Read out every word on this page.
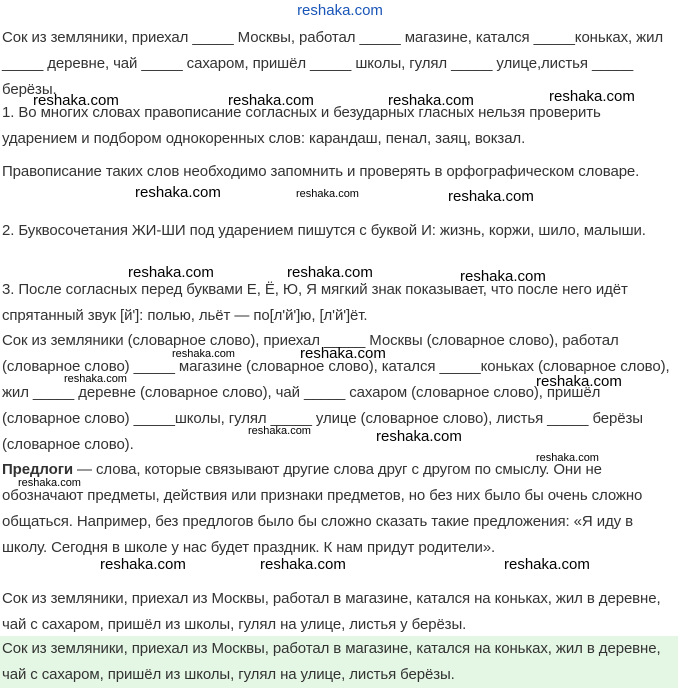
reshaka.com
Сок из земляники, приехал _____ Москвы, работал _____ магазине, катался _____коньках, жил _____ деревне, чай _____ сахаром, пришёл _____ школы, гулял _____ улице,листья _____ берёзы.
1. Во многих словах правописание согласных и безударных гласных нельзя проверить ударением и подбором однокоренных слов: карандаш, пенал, заяц, вокзал.
Правописание таких слов необходимо запомнить и проверять в орфографическом словаре.
2. Буквосочетания ЖИ-ШИ под ударением пишутся с буквой И: жизнь, коржи, шило, малыши.
3. После согласных перед буквами Е, Ё, Ю, Я мягкий знак показывает, что после него идёт спрятанный звук [й']: полью, льёт — по[л'й']ю, [л'й']ёт.
Сок из земляники (словарное слово), приехал _____ Москвы (словарное слово), работал (словарное слово) _____ магазине (словарное слово), катался _____коньках (словарное слово), жил _____ деревне (словарное слово), чай _____ сахаром (словарное слово), пришёл (словарное слово) _____школы, гулял _____ улице (словарное слово), листья _____ берёзы (словарное слово).
Предлоги — слова, которые связывают другие слова друг с другом по смыслу. Они не обозначают предметы, действия или признаки предметов, но без них было бы очень сложно общаться. Например, без предлогов было бы сложно сказать такие предложения: «Я иду в школу. Сегодня в школе у нас будет праздник. К нам придут родители».
Сок из земляники, приехал из Москвы, работал в магазине, катался на коньках, жил в деревне, чай с сахаром, пришёл из школы, гулял на улице, листья у берёзы.
Сок из земляники, приехал из Москвы, работал в магазине, катался на коньках, жил в деревне, чай с сахаром, пришёл из школы, гулял на улице, листья берёзы.
reshaka.com	reshaka.com	reshaka.com	reshaka.com
reshaka.com	reshaka.com	reshaka.com
reshaka.com	reshaka.com	reshaka.com
reshaka.com	reshaka.com
reshaka.com	reshaka.com
reshaka.com	reshaka.com
reshaka.com
reshaka.com
reshaka.com	reshaka.com	reshaka.com
